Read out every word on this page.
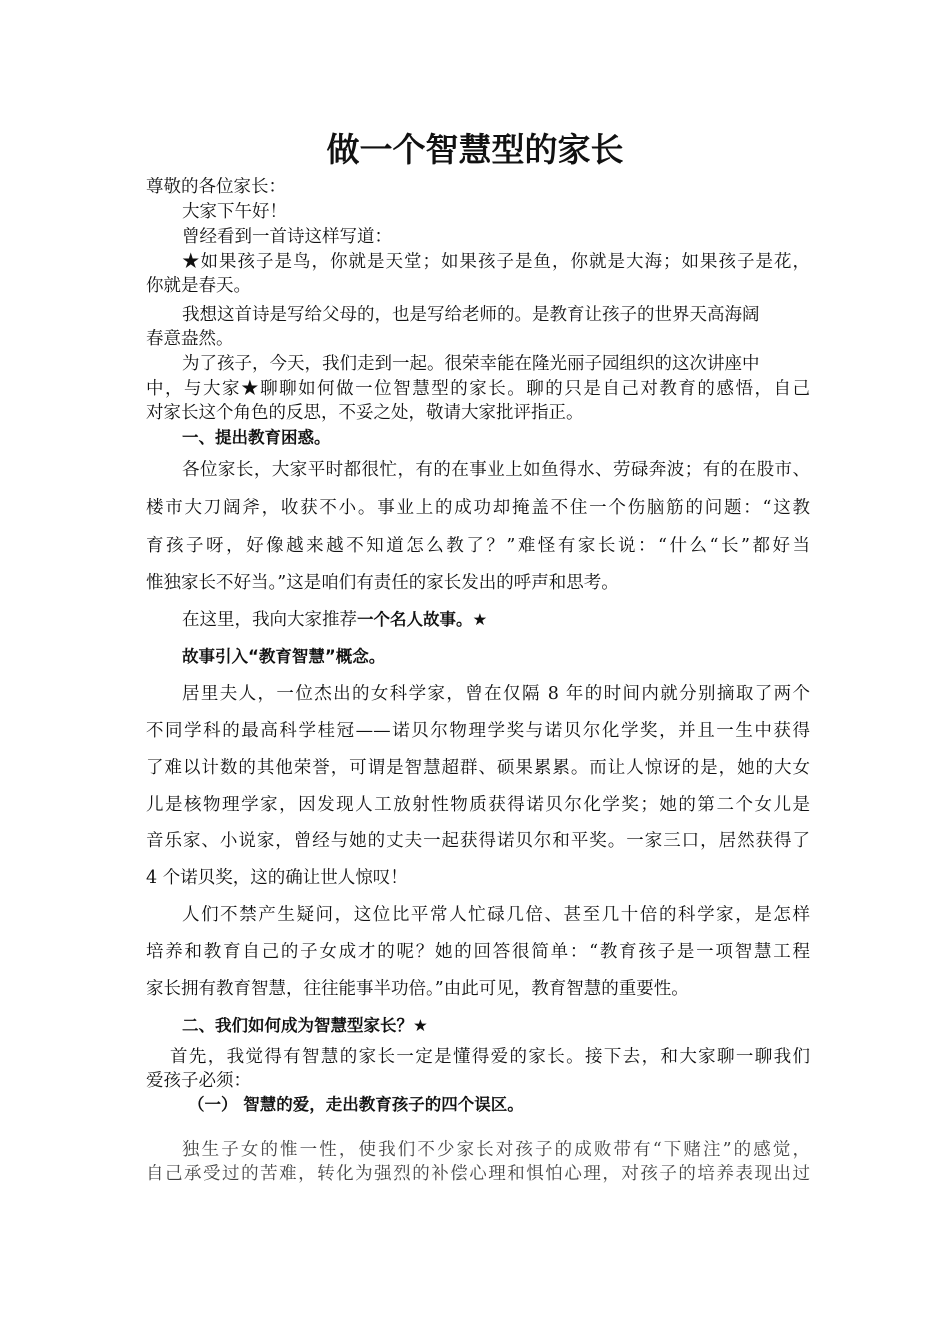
做一个智慧型的家长
尊敬的各位家长：
大家下午好！
曾经看到一首诗这样写道：
★如果孩子是鸟，你就是天堂；如果孩子是鱼，你就是大海；如果孩子是花，
你就是春天。
我想这首诗是写给父母的，也是写给老师的。是教育让孩子的世界天高海阔
春意盎然。
为了孩子，今天，我们走到一起。很荣幸能在隆光丽子园组织的这次讲座中
中，与大家★聊聊如何做一位智慧型的家长。聊的只是自己对教育的感悟，自己
对家长这个角色的反思，不妥之处，敬请大家批评指正。
一、提出教育困惑。
各位家长，大家平时都很忙，有的在事业上如鱼得水、劳碌奔波；有的在股市、
楼市大刀阔斧，收获不小。事业上的成功却掩盖不住一个伤脑筋的问题：“这教
育孩子呀，好像越来越不知道怎么教了？”难怪有家长说：“什么“长”都好当
惟独家长不好当。”这是咱们有责任的家长发出的呼声和思考。
在这里，我向大家推荐一个名人故事。★
故事引入“教育智慧”概念。
居里夫人，一位杰出的女科学家，曾在仅隔 8 年的时间内就分别摘取了两个
不同学科的最高科学桂冠——诺贝尔物理学奖与诺贝尔化学奖，并且一生中获得
了难以计数的其他荣誉，可谓是智慧超群、硕果累累。而让人惊讶的是，她的大女
儿是核物理学家，因发现人工放射性物质获得诺贝尔化学奖；她的第二个女儿是
音乐家、小说家，曾经与她的丈夫一起获得诺贝尔和平奖。一家三口，居然获得了
4 个诺贝奖，这的确让世人惊叹！
人们不禁产生疑问，这位比平常人忙碌几倍、甚至几十倍的科学家，是怎样
培养和教育自己的子女成才的呢？她的回答很简单：“教育孩子是一项智慧工程
家长拥有教育智慧，往往能事半功倍。”由此可见，教育智慧的重要性。
二、我们如何成为智慧型家长？★
首先，我觉得有智慧的家长一定是懂得爱的家长。接下去，和大家聊一聊我们
爱孩子必须：
（一） 智慧的爱，走出教育孩子的四个误区。
独生子女的惟一性，使我们不少家长对孩子的成败带有“下赌注”的感觉，
自己承受过的苦难，转化为强烈的补偿心理和惧怕心理，对孩子的培养表现出过
